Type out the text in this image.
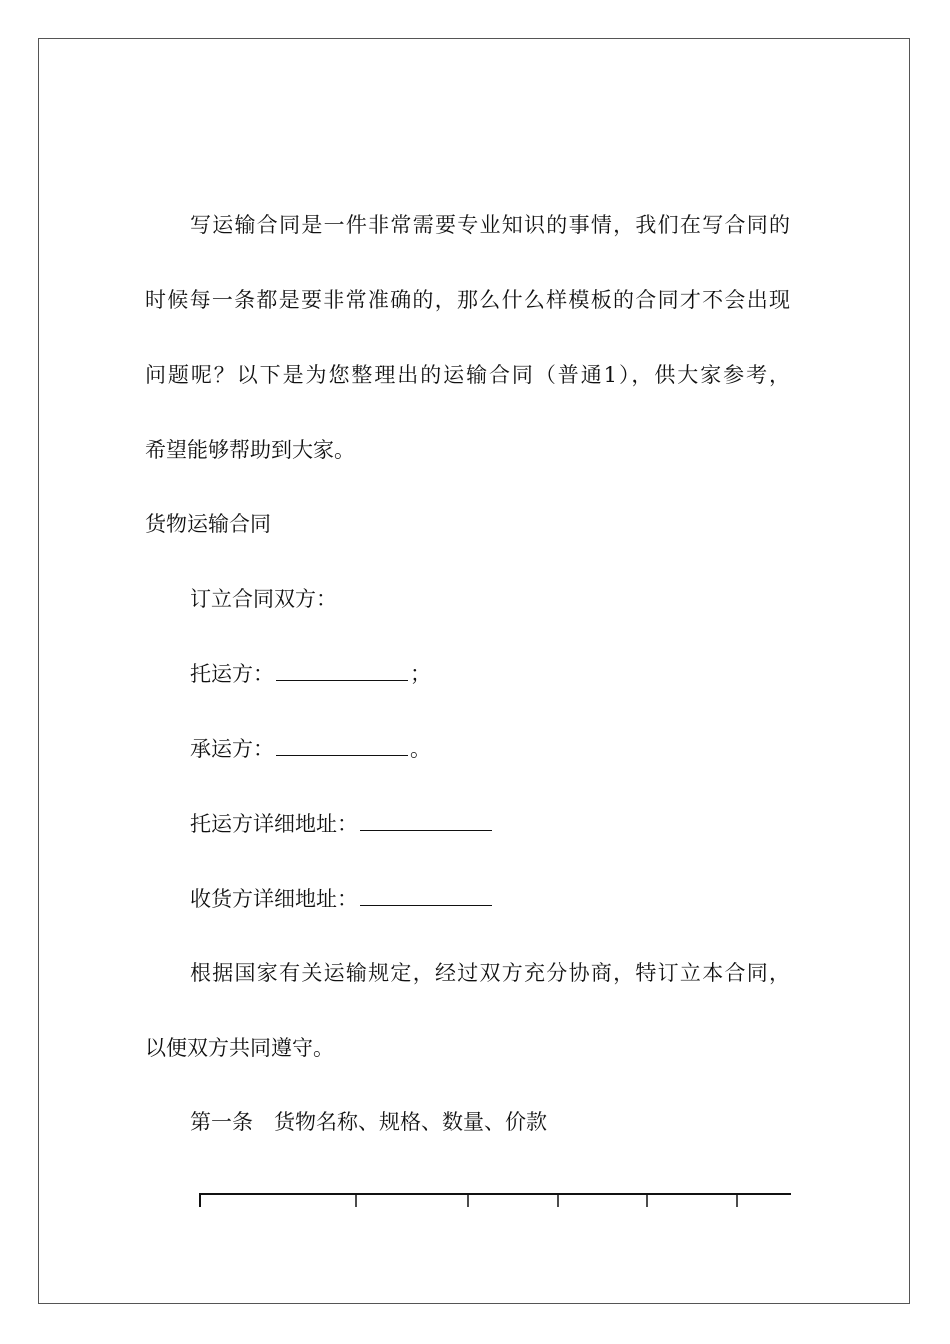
写运输合同是一件非常需要专业知识的事情，我们在写合同的
时候每一条都是要非常准确的，那么什么样模板的合同才不会出现
问题呢？以下是为您整理出的运输合同（普通1），供大家参考，
希望能够帮助到大家。
货物运输合同
订立合同双方：
托运方：	；
承运方：	。
托运方详细地址：
收货方详细地址：
根据国家有关运输规定，经过双方充分协商，特订立本合同，
以便双方共同遵守。
第一条　货物名称、规格、数量、价款
